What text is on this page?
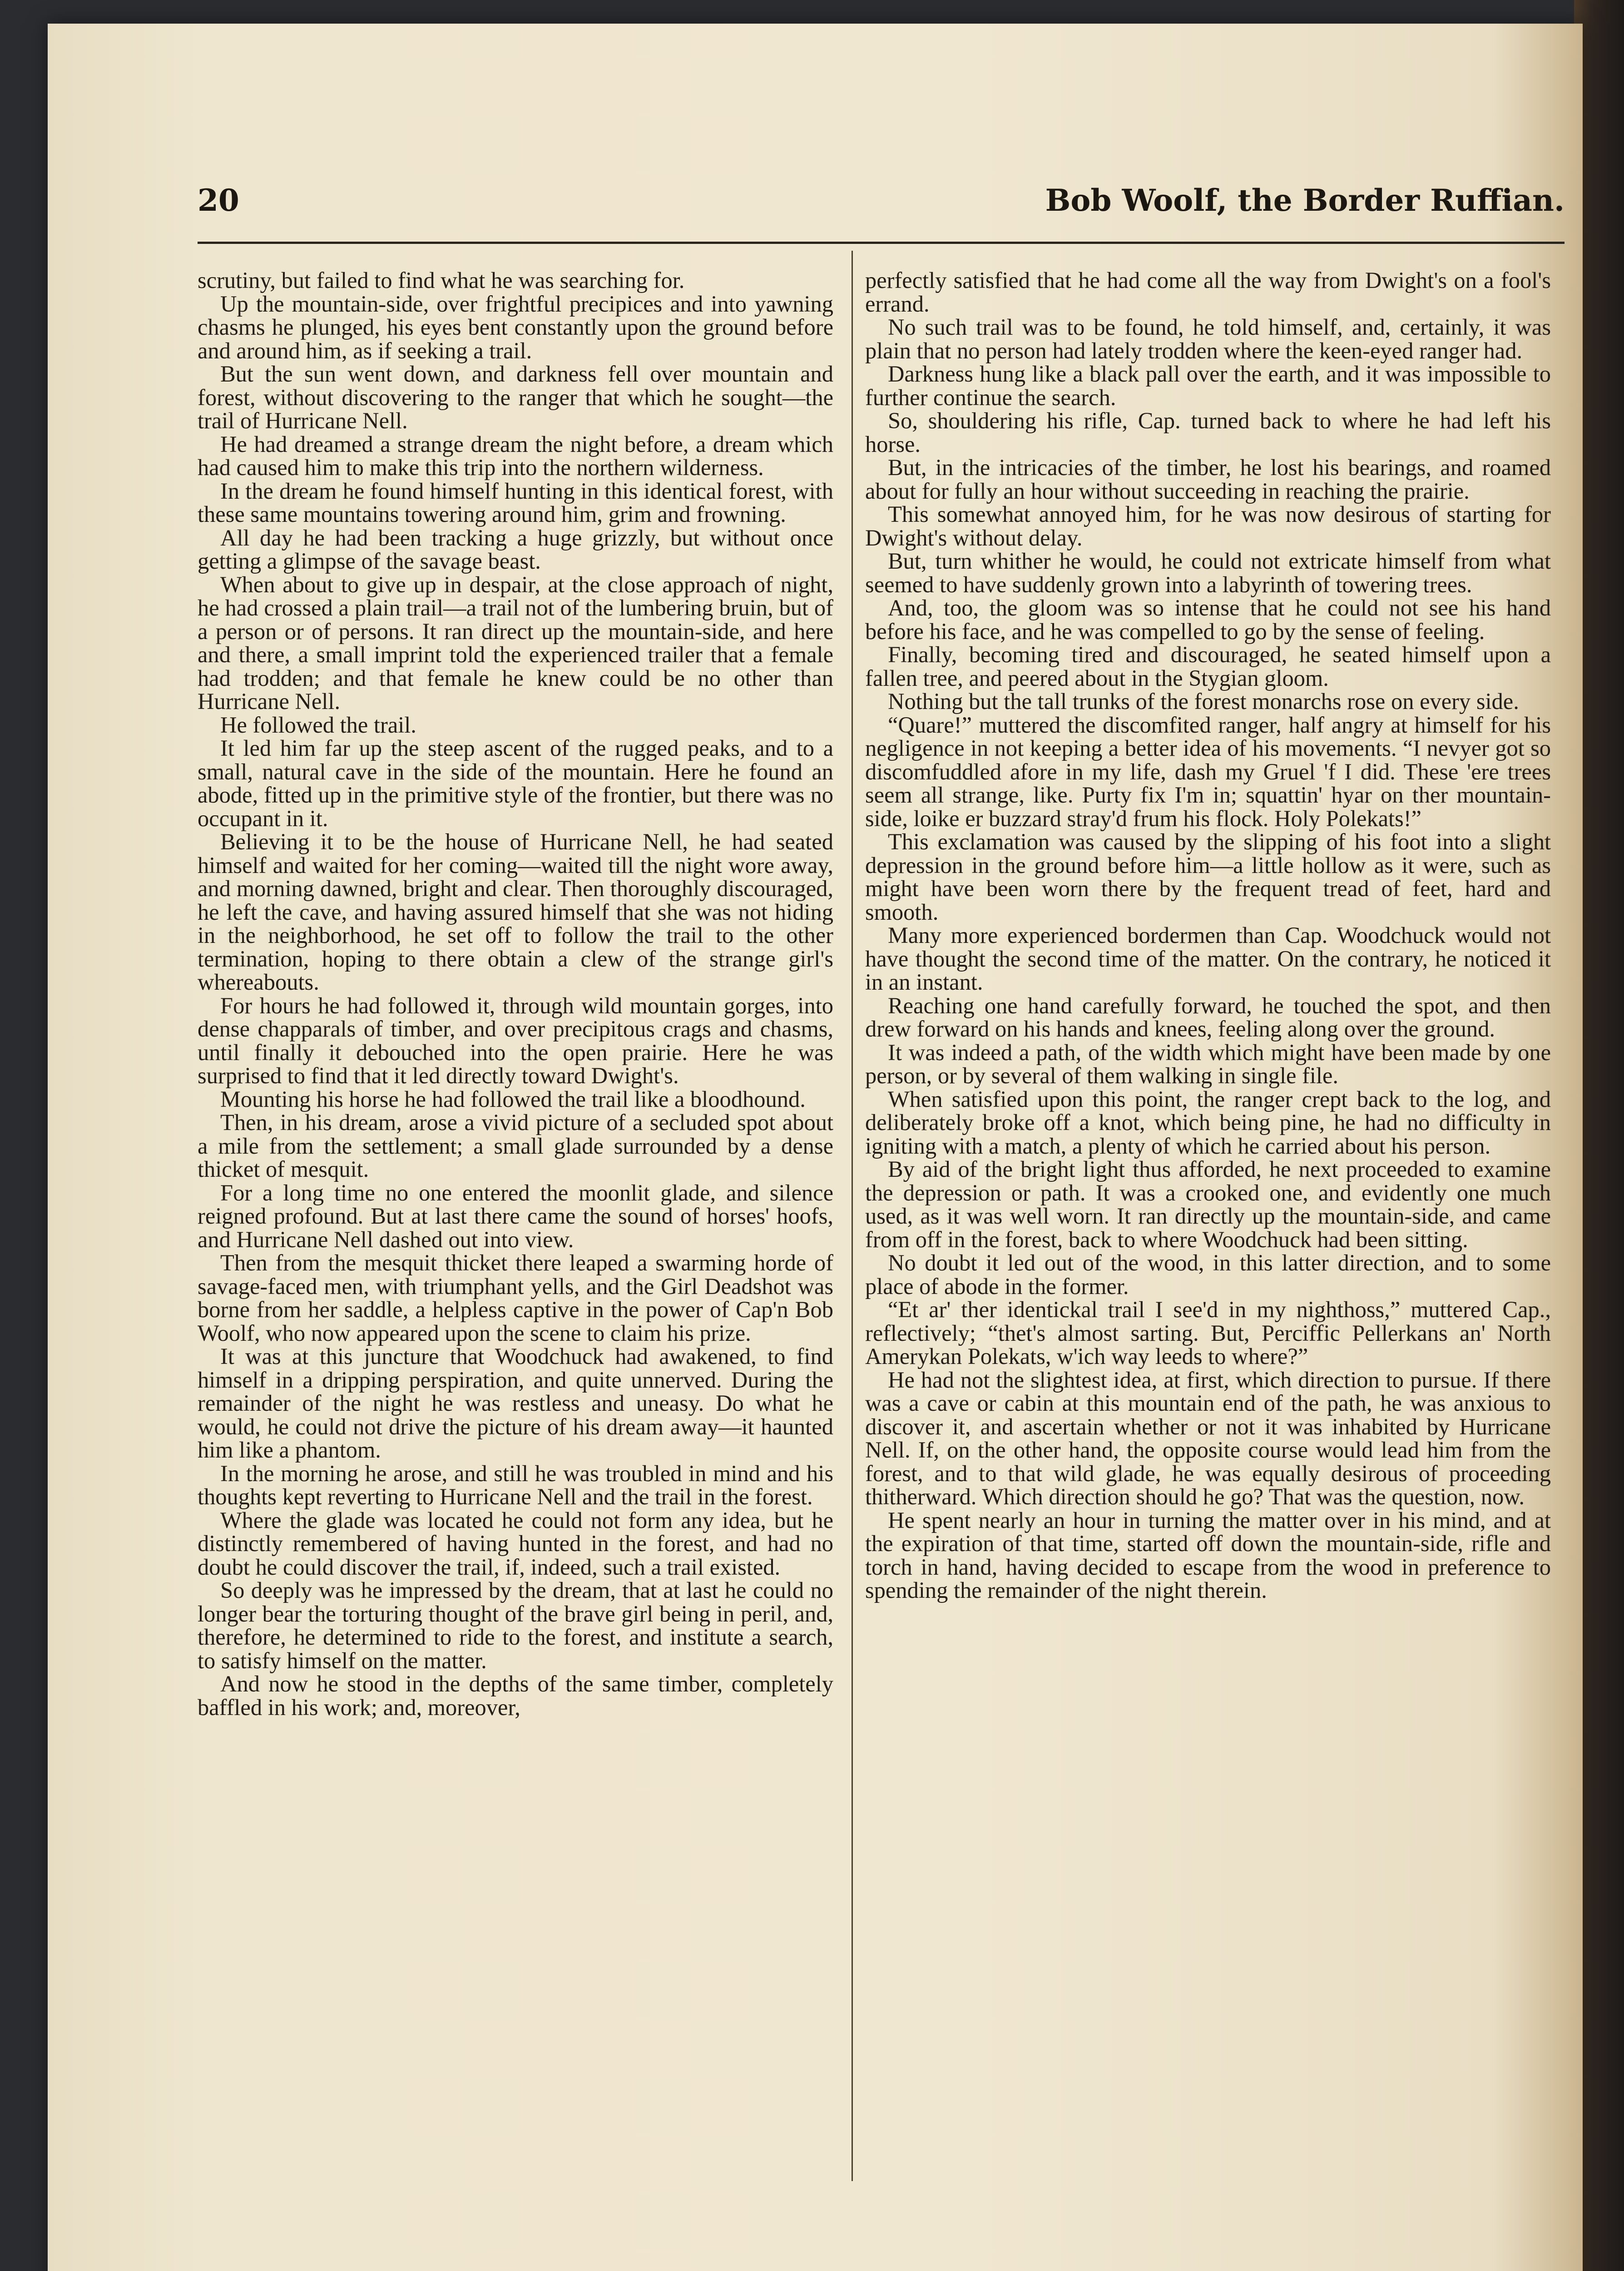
20	Bob Woolf, the Border Ruffian.

scrutiny, but failed to find what he was searching for.

Up the mountain-side, over frightful precipices and into yawning chasms he plunged, his eyes bent constantly upon the ground before and around him, as if seeking a trail.

But the sun went down, and darkness fell over mountain and forest, without discovering to the ranger that which he sought—the trail of Hurricane Nell.

He had dreamed a strange dream the night before, a dream which had caused him to make this trip into the northern wilderness.

In the dream he found himself hunting in this identical forest, with these same mountains towering around him, grim and frowning.

All day he had been tracking a huge grizzly, but without once getting a glimpse of the savage beast.

When about to give up in despair, at the close approach of night, he had crossed a plain trail—a trail not of the lumbering bruin, but of a person or of persons. It ran direct up the mountain-side, and here and there, a small imprint told the experienced trailer that a female had trodden; and that female he knew could be no other than Hurricane Nell.

He followed the trail.

It led him far up the steep ascent of the rugged peaks, and to a small, natural cave in the side of the mountain. Here he found an abode, fitted up in the primitive style of the frontier, but there was no occupant in it.

Believing it to be the house of Hurricane Nell, he had seated himself and waited for her coming—waited till the night wore away, and morning dawned, bright and clear. Then thoroughly discouraged, he left the cave, and having assured himself that she was not hiding in the neighborhood, he set off to follow the trail to the other termination, hoping to there obtain a clew of the strange girl's whereabouts.

For hours he had followed it, through wild mountain gorges, into dense chapparals of timber, and over precipitous crags and chasms, until finally it debouched into the open prairie. Here he was surprised to find that it led directly toward Dwight's.

Mounting his horse he had followed the trail like a bloodhound.

Then, in his dream, arose a vivid picture of a secluded spot about a mile from the settlement; a small glade surrounded by a dense thicket of mesquit.

For a long time no one entered the moonlit glade, and silence reigned profound. But at last there came the sound of horses' hoofs, and Hurricane Nell dashed out into view.

Then from the mesquit thicket there leaped a swarming horde of savage-faced men, with triumphant yells, and the Girl Deadshot was borne from her saddle, a helpless captive in the power of Cap'n Bob Woolf, who now appeared upon the scene to claim his prize.

It was at this juncture that Woodchuck had awakened, to find himself in a dripping perspiration, and quite unnerved. During the remainder of the night he was restless and uneasy. Do what he would, he could not drive the picture of his dream away—it haunted him like a phantom.

In the morning he arose, and still he was troubled in mind and his thoughts kept reverting to Hurricane Nell and the trail in the forest.

Where the glade was located he could not form any idea, but he distinctly remembered of having hunted in the forest, and had no doubt he could discover the trail, if, indeed, such a trail existed.

So deeply was he impressed by the dream, that at last he could no longer bear the torturing thought of the brave girl being in peril, and, therefore, he determined to ride to the forest, and institute a search, to satisfy himself on the matter.

And now he stood in the depths of the same timber, completely baffled in his work; and, moreover,

perfectly satisfied that he had come all the way from Dwight's on a fool's errand.

No such trail was to be found, he told himself, and, certainly, it was plain that no person had lately trodden where the keen-eyed ranger had.

Darkness hung like a black pall over the earth, and it was impossible to further continue the search.

So, shouldering his rifle, Cap. turned back to where he had left his horse.

But, in the intricacies of the timber, he lost his bearings, and roamed about for fully an hour without succeeding in reaching the prairie.

This somewhat annoyed him, for he was now desirous of starting for Dwight's without delay.

But, turn whither he would, he could not extricate himself from what seemed to have suddenly grown into a labyrinth of towering trees.

And, too, the gloom was so intense that he could not see his hand before his face, and he was compelled to go by the sense of feeling.

Finally, becoming tired and discouraged, he seated himself upon a fallen tree, and peered about in the Stygian gloom.

Nothing but the tall trunks of the forest monarchs rose on every side.

“Quare!” muttered the discomfited ranger, half angry at himself for his negligence in not keeping a better idea of his movements. “I nevyer got so discomfuddled afore in my life, dash my Gruel 'f I did. These 'ere trees seem all strange, like. Purty fix I'm in; squattin' hyar on ther mountain-side, loike er buzzard stray'd frum his flock. Holy Polekats!”

This exclamation was caused by the slipping of his foot into a slight depression in the ground before him—a little hollow as it were, such as might have been worn there by the frequent tread of feet, hard and smooth.

Many more experienced bordermen than Cap. Woodchuck would not have thought the second time of the matter. On the contrary, he noticed it in an instant.

Reaching one hand carefully forward, he touched the spot, and then drew forward on his hands and knees, feeling along over the ground.

It was indeed a path, of the width which might have been made by one person, or by several of them walking in single file.

When satisfied upon this point, the ranger crept back to the log, and deliberately broke off a knot, which being pine, he had no difficulty in igniting with a match, a plenty of which he carried about his person.

By aid of the bright light thus afforded, he next proceeded to examine the depression or path. It was a crooked one, and evidently one much used, as it was well worn. It ran directly up the mountain-side, and came from off in the forest, back to where Woodchuck had been sitting.

No doubt it led out of the wood, in this latter direction, and to some place of abode in the former.

“Et ar' ther identickal trail I see'd in my nighthoss,” muttered Cap., reflectively; “thet's almost sarting. But, Perciffic Pellerkans an' North Amerykan Polekats, w'ich way leeds to where?”

He had not the slightest idea, at first, which direction to pursue. If there was a cave or cabin at this mountain end of the path, he was anxious to discover it, and ascertain whether or not it was inhabited by Hurricane Nell. If, on the other hand, the opposite course would lead him from the forest, and to that wild glade, he was equally desirous of proceeding thitherward. Which direction should he go? That was the question, now.

He spent nearly an hour in turning the matter over in his mind, and at the expiration of that time, started off down the mountain-side, rifle and torch in hand, having decided to escape from the wood in preference to spending the remainder of the night therein.
